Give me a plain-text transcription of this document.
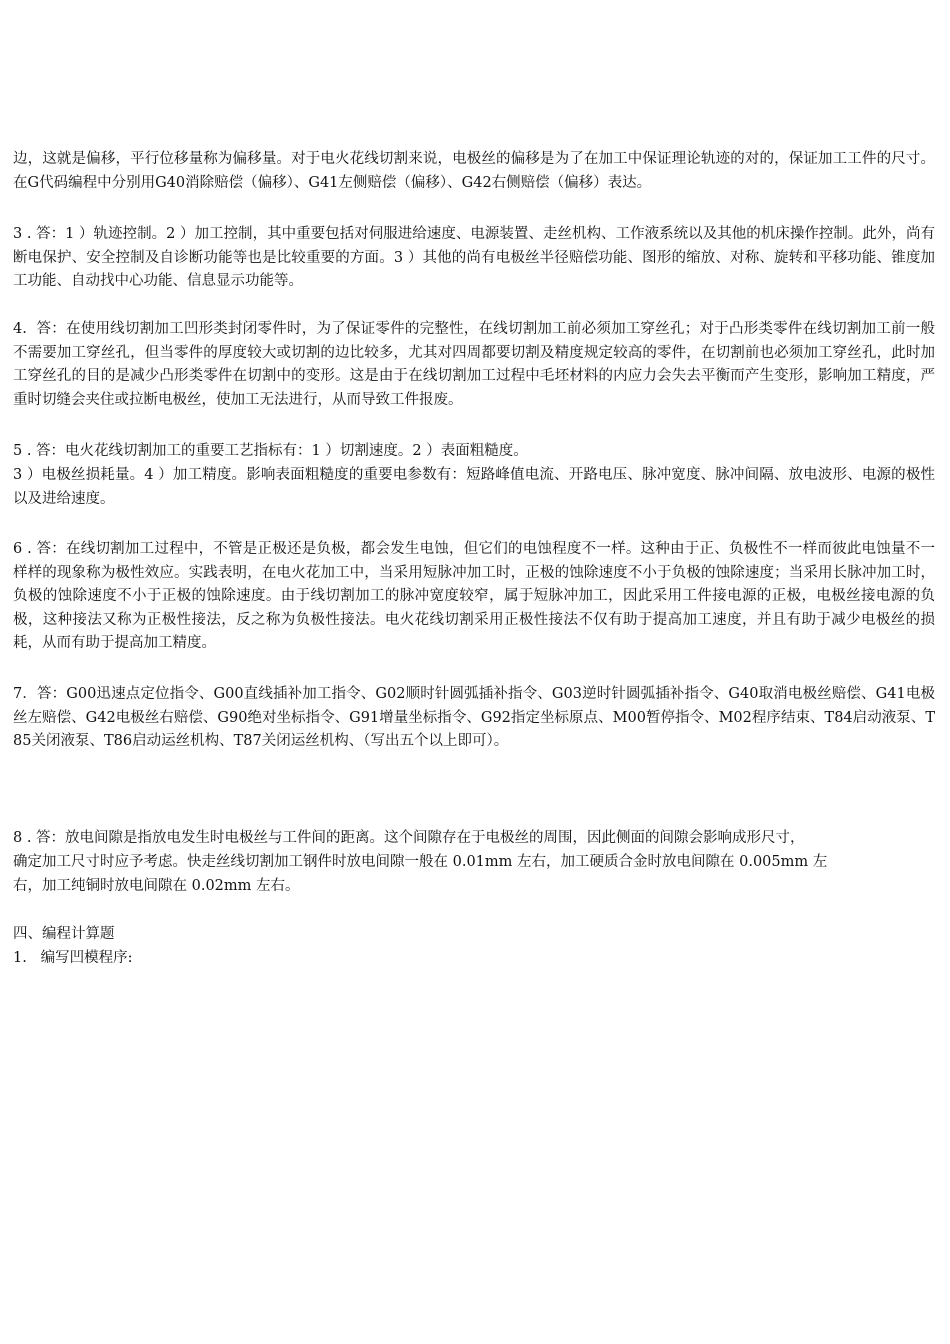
边，这就是偏移，平行位移量称为偏移量。对于电火花线切割来说，电极丝的偏移是为了在加工中保证理论轨迹的对的，保证加工工件的尺寸。在G代码编程中分别用G40消除赔偿（偏移）、G41左侧赔偿（偏移）、G42右侧赔偿（偏移）表达。

3 . 答：1 ）轨迹控制。2 ）加工控制，其中重要包括对伺服进给速度、电源装置、走丝机构、工作液系统以及其他的机床操作控制。此外，尚有断电保护、安全控制及自诊断功能等也是比较重要的方面。3 ）其他的尚有电极丝半径赔偿功能、图形的缩放、对称、旋转和平移功能、锥度加工功能、自动找中心功能、信息显示功能等。

4.  答：在使用线切割加工凹形类封闭零件时，为了保证零件的完整性，在线切割加工前必须加工穿丝孔；对于凸形类零件在线切割加工前一般不需要加工穿丝孔，但当零件的厚度较大或切割的边比较多，尤其对四周都要切割及精度规定较高的零件，在切割前也必须加工穿丝孔，此时加工穿丝孔的目的是减少凸形类零件在切割中的变形。这是由于在线切割加工过程中毛坯材料的内应力会失去平衡而产生变形，影响加工精度，严重时切缝会夹住或拉断电极丝，使加工无法进行，从而导致工件报废。

5 . 答：电火花线切割加工的重要工艺指标有：1 ）切割速度。2 ）表面粗糙度。

3 ）电极丝损耗量。4 ）加工精度。影响表面粗糙度的重要电参数有：短路峰值电流、开路电压、脉冲宽度、脉冲间隔、放电波形、电源的极性以及进给速度。

6 . 答：在线切割加工过程中，不管是正极还是负极，都会发生电蚀，但它们的电蚀程度不一样。这种由于正、负极性不一样而彼此电蚀量不一样样的现象称为极性效应。实践表明，在电火花加工中，当采用短脉冲加工时，正极的蚀除速度不小于负极的蚀除速度；当采用长脉冲加工时，负极的蚀除速度不小于正极的蚀除速度。由于线切割加工的脉冲宽度较窄，属于短脉冲加工，因此采用工件接电源的正极，电极丝接电源的负极，这种接法又称为正极性接法，反之称为负极性接法。电火花线切割采用正极性接法不仅有助于提高加工速度，并且有助于减少电极丝的损耗，从而有助于提高加工精度。

7．答：G00迅速点定位指令、G00直线插补加工指令、G02顺时针圆弧插补指令、G03逆时针圆弧插补指令、G40取消电极丝赔偿、G41电极丝左赔偿、G42电极丝右赔偿、G90绝对坐标指令、G91增量坐标指令、G92指定坐标原点、M00暂停指令、M02程序结束、T84启动液泵、T85关闭液泵、T86启动运丝机构、T87关闭运丝机构、（写出五个以上即可）。

8 . 答：放电间隙是指放电发生时电极丝与工件间的距离。这个间隙存在于电极丝的周围，因此侧面的间隙会影响成形尺寸，

确定加工尺寸时应予考虑。快走丝线切割加工钢件时放电间隙一般在 0.01mm 左右，加工硬质合金时放电间隙在 0.005mm 左

右，加工纯铜时放电间隙在 0.02mm 左右。

四、编程计算题

1.   编写凹模程序:
